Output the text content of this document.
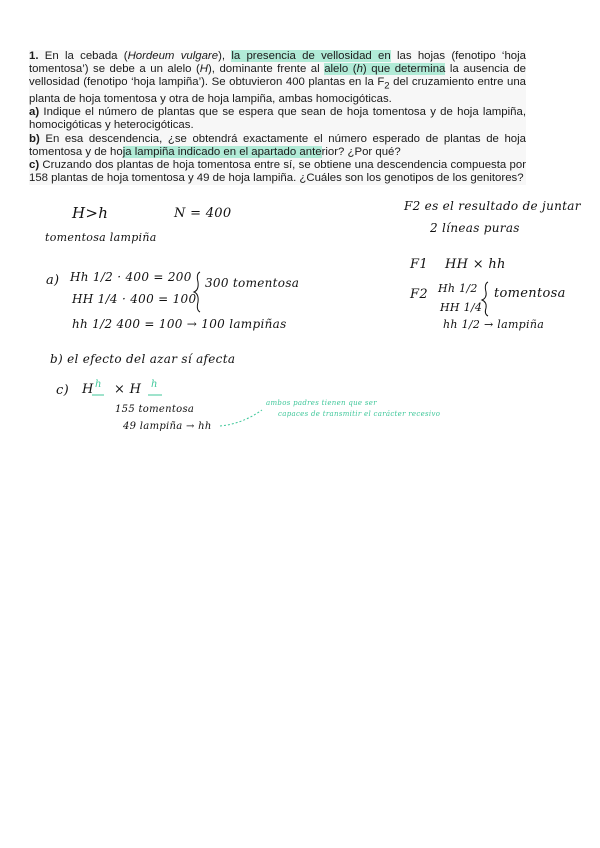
1. En la cebada (Hordeum vulgare), la presencia de vellosidad en las hojas (fenotipo ‘hoja tomentosa’) se debe a un alelo (H), dominante frente al alelo (h) que determina la ausencia de vellosidad (fenotipo ‘hoja lampiña’). Se obtuvieron 400 plantas en la $F_2$ del cruzamiento entre una planta de hoja tomentosa y otra de hoja lampiña, ambas homocigóticas.

a) Indique el número de plantas que se espera que sean de hoja tomentosa y de hoja lampiña, homocigóticas y heterocigóticas.

b) En esa descendencia, ¿se obtendrá exactamente el número esperado de plantas de hoja tomentosa y de hoja lampiña indicado en el apartado anterior? ¿Por qué?

c) Cruzando dos plantas de hoja tomentosa entre sí, se obtiene una descendencia compuesta por 158 plantas de hoja tomentosa y 49 de hoja lampiña. ¿Cuáles son los genotipos de los genitores?

H>h	N = 400
tomentosa lampiña
F2 es el resultado de juntar
2 líneas puras
F1 HH × hh
F2 Hh 1/2 tomentosa
HH 1/4
hh 1/2 → lampiña
a) Hh 1/2 · 400 = 200 300 tomentosa
HH 1/4 · 400 = 100
hh 1/2 400 = 100 → 100 lampiñas
b) el efecto del azar sí afecta
c) H h × H h
155 tomentosa
49 lampiña → hh
ambos padres tienen que ser
capaces de transmitir el carácter recesivo
